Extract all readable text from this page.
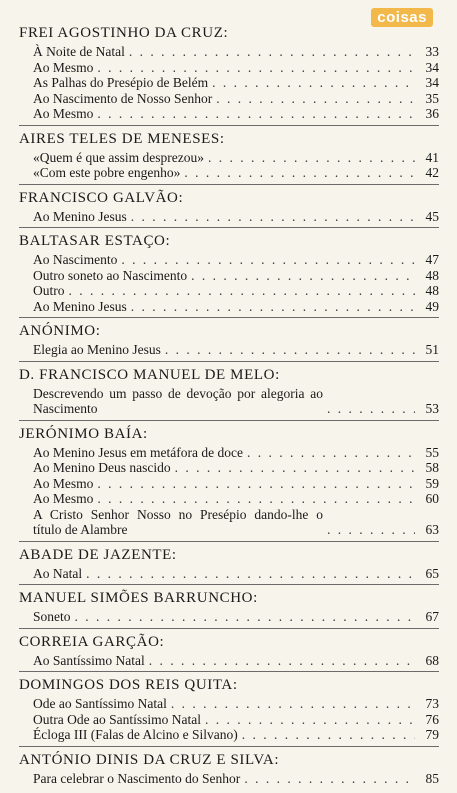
coisas
FREI AGOSTINHO DA CRUZ:
À Noite de Natal . . .	33
Ao Mesmo . . .	34
As Palhas do Presépio de Belém . . .	34
Ao Nascimento de Nosso Senhor . . .	35
Ao Mesmo . . .	36
AIRES TELES DE MENESES:
«Quem é que assim desprezou» . . .	41
«Com este pobre engenho» . . .	42
FRANCISCO GALVÃO:
Ao Menino Jesus . . .	45
BALTASAR ESTAÇO:
Ao Nascimento . . .	47
Outro soneto ao Nascimento . . .	48
Outro . . .	48
Ao Menino Jesus . . .	49
ANÓNIMO:
Elegia ao Menino Jesus . . .	51
D. FRANCISCO MANUEL DE MELO:
Descrevendo um passo de devoção por alegoria ao Nascimento . . .	53
JERÓNIMO BAÍA:
Ao Menino Jesus em metáfora de doce . . .	55
Ao Menino Deus nascido . . .	58
Ao Mesmo . . .	59
Ao Mesmo . . .	60
A Cristo Senhor Nosso no Presépio dando-lhe o título de Alambre . . .	63
ABADE DE JAZENTE:
Ao Natal . . .	65
MANUEL SIMÕES BARRUNCHO:
Soneto . . .	67
CORREIA GARÇÃO:
Ao Santíssimo Natal . . .	68
DOMINGOS DOS REIS QUITA:
Ode ao Santíssimo Natal . . .	73
Outra Ode ao Santíssimo Natal . . .	76
Écloga III (Falas de Alcino e Silvano) . . .	79
ANTÓNIO DINIS DA CRUZ E SILVA:
Para celebrar o Nascimento do Senhor . . .	85
